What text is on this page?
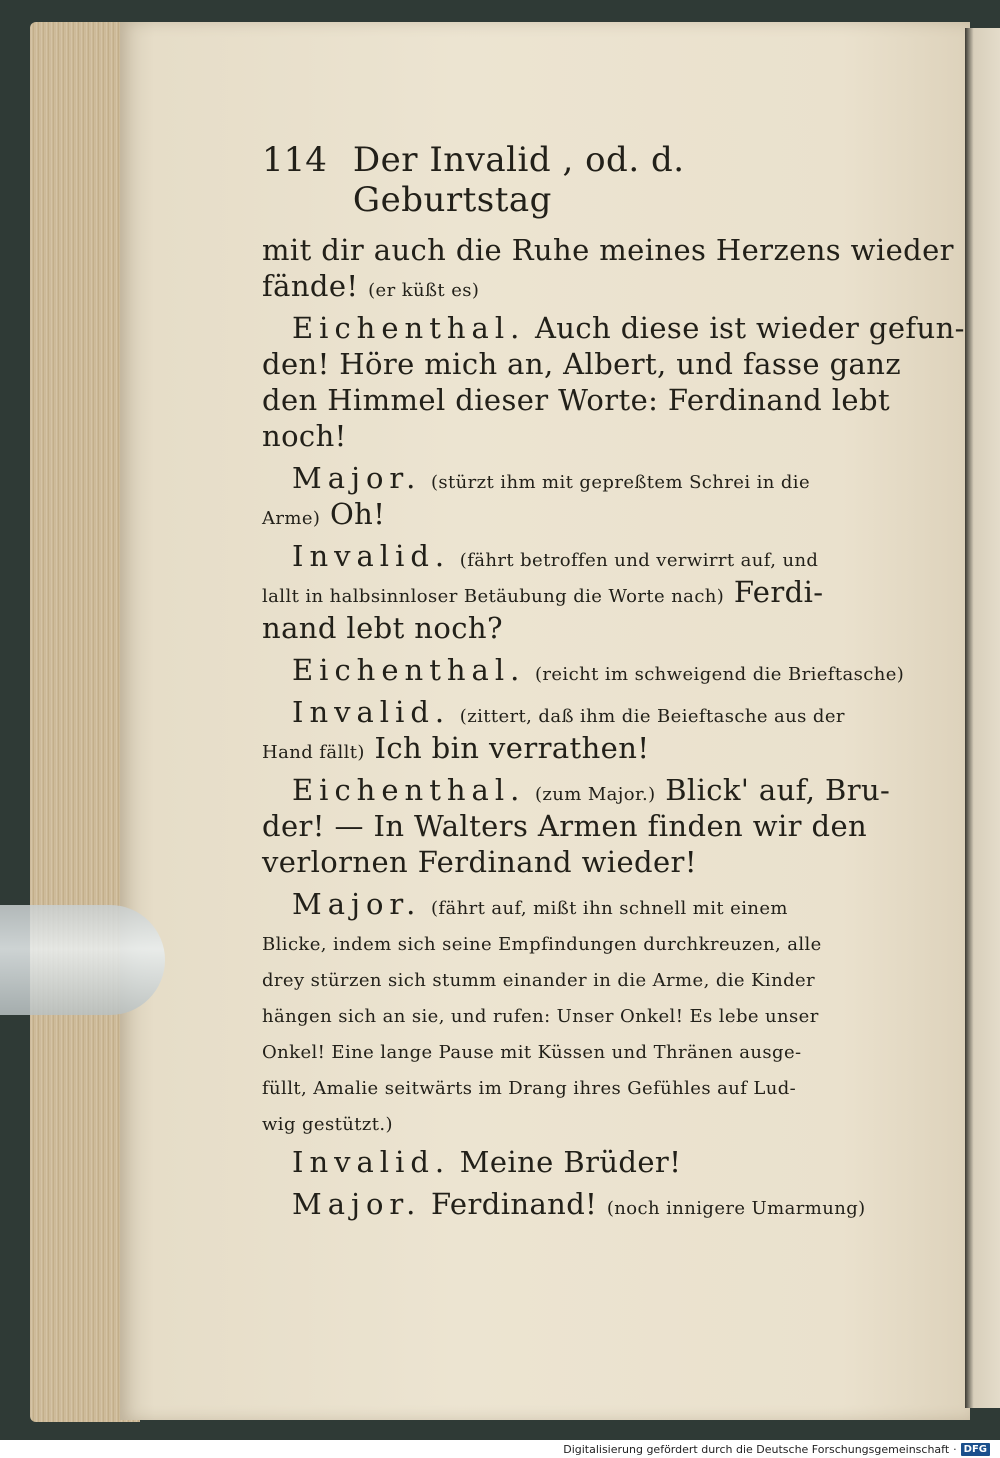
114 Der Invalid , od. d. Geburtstag
mit dir auch die Ruhe meines Herzens wieder
fände! (er küßt es)
Eichenthal. Auch diese ist wieder gefun-
den! Höre mich an, Albert, und fasse ganz
den Himmel dieser Worte: Ferdinand lebt
noch!
Major. (stürzt ihm mit gepreßtem Schrei in die
Arme) Oh!
Invalid. (fährt betroffen und verwirrt auf, und
lallt in halbsinnloser Betäubung die Worte nach) Ferdi-
nand lebt noch?
Eichenthal. (reicht im schweigend die Brieftasche)
Invalid. (zittert, daß ihm die Beieftasche aus der
Hand fällt) Ich bin verrathen!
Eichenthal. (zum Major.) Blick' auf, Bru-
der! — In Walters Armen finden wir den
verlornen Ferdinand wieder!
Major. (fährt auf, mißt ihn schnell mit einem
Blicke, indem sich seine Empfindungen durchkreuzen, alle
drey stürzen sich stumm einander in die Arme, die Kinder
hängen sich an sie, und rufen: Unser Onkel! Es lebe unser
Onkel! Eine lange Pause mit Küssen und Thränen ausge-
füllt, Amalie seitwärts im Drang ihres Gefühles auf Lud-
wig gestützt.)
Invalid. Meine Brüder!
Major. Ferdinand! (noch innigere Umarmung)
Digitalisierung gefördert durch die Deutsche Forschungsgemeinschaft · DFG
